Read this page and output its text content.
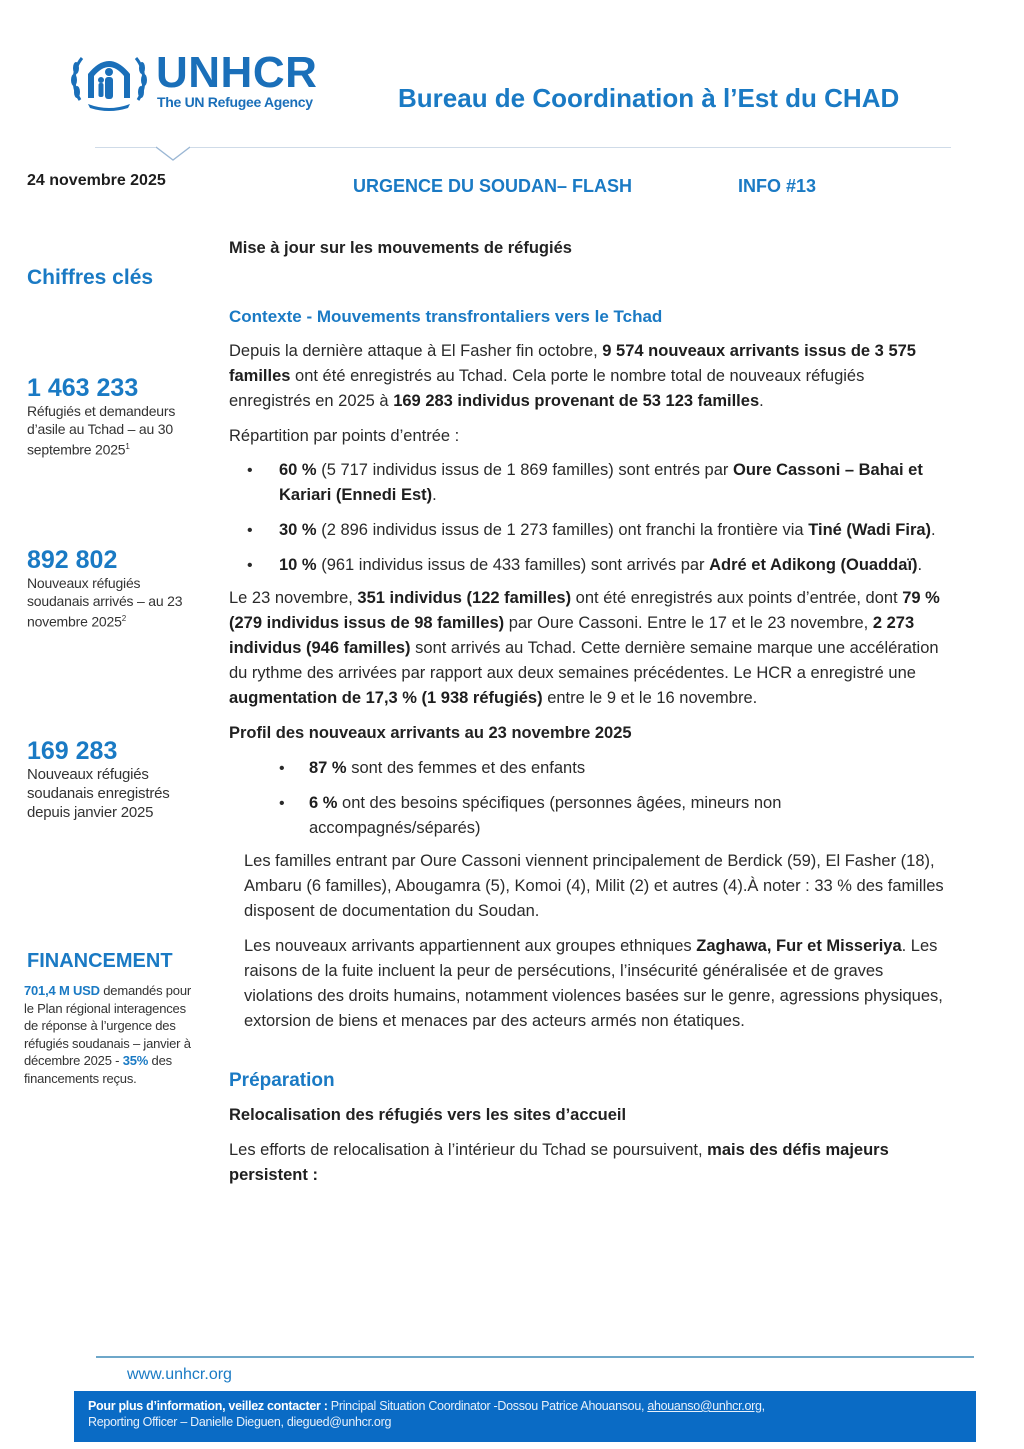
UNHCR
The UN Refugee Agency	Bureau de Coordination à l’Est du CHAD
24 novembre 2025	URGENCE DU SOUDAN– FLASH	INFO #13
Chiffres clés
1 463 233
Réfugiés et demandeurs d’asile au Tchad – au 30 septembre 2025$^1$
892 802
Nouveaux réfugiés soudanais arrivés – au 23 novembre 2025$^2$
169 283
Nouveaux réfugiés soudanais enregistrés depuis janvier 2025
FINANCEMENT
701,4 M USD demandés pour le Plan régional interagences de réponse à l’urgence des réfugiés soudanais – janvier à décembre 2025 - 35% des financements reçus.

Mise à jour sur les mouvements de réfugiés

Contexte - Mouvements transfrontaliers vers le Tchad

Depuis la dernière attaque à El Fasher fin octobre, 9 574 nouveaux arrivants issus de 3 575 familles ont été enregistrés au Tchad. Cela porte le nombre total de nouveaux réfugiés enregistrés en 2025 à 169 283 individus provenant de 53 123 familles.

Répartition par points d’entrée :

• 60 % (5 717 individus issus de 1 869 familles) sont entrés par Oure Cassoni – Bahai et Kariari (Ennedi Est).
• 30 % (2 896 individus issus de 1 273 familles) ont franchi la frontière via Tiné (Wadi Fira).
• 10 % (961 individus issus de 433 familles) sont arrivés par Adré et Adikong (Ouaddaï).

Le 23 novembre, 351 individus (122 familles) ont été enregistrés aux points d’entrée, dont 79 % (279 individus issus de 98 familles) par Oure Cassoni. Entre le 17 et le 23 novembre, 2 273 individus (946 familles) sont arrivés au Tchad. Cette dernière semaine marque une accélération du rythme des arrivées par rapport aux deux semaines précédentes. Le HCR a enregistré une augmentation de 17,3 % (1 938 réfugiés) entre le 9 et le 16 novembre.

Profil des nouveaux arrivants au 23 novembre 2025

• 87 % sont des femmes et des enfants
• 6 % ont des besoins spécifiques (personnes âgées, mineurs non accompagnés/séparés)

Les familles entrant par Oure Cassoni viennent principalement de Berdick (59), El Fasher (18), Ambaru (6 familles), Abougamra (5), Komoi (4), Milit (2) et autres (4).À noter : 33 % des familles disposent de documentation du Soudan.

Les nouveaux arrivants appartiennent aux groupes ethniques Zaghawa, Fur et Misseriya. Les raisons de la fuite incluent la peur de persécutions, l’insécurité généralisée et de graves violations des droits humains, notamment violences basées sur le genre, agressions physiques, extorsion de biens et menaces par des acteurs armés non étatiques.

Préparation

Relocalisation des réfugiés vers les sites d’accueil

Les efforts de relocalisation à l’intérieur du Tchad se poursuivent, mais des défis majeurs persistent :

www.unhcr.org
Pour plus d’information, veillez contacter : Principal Situation Coordinator -Dossou Patrice Ahouansou, ahouanso@unhcr.org,
Reporting Officer – Danielle Dieguen, diegued@unhcr.org
